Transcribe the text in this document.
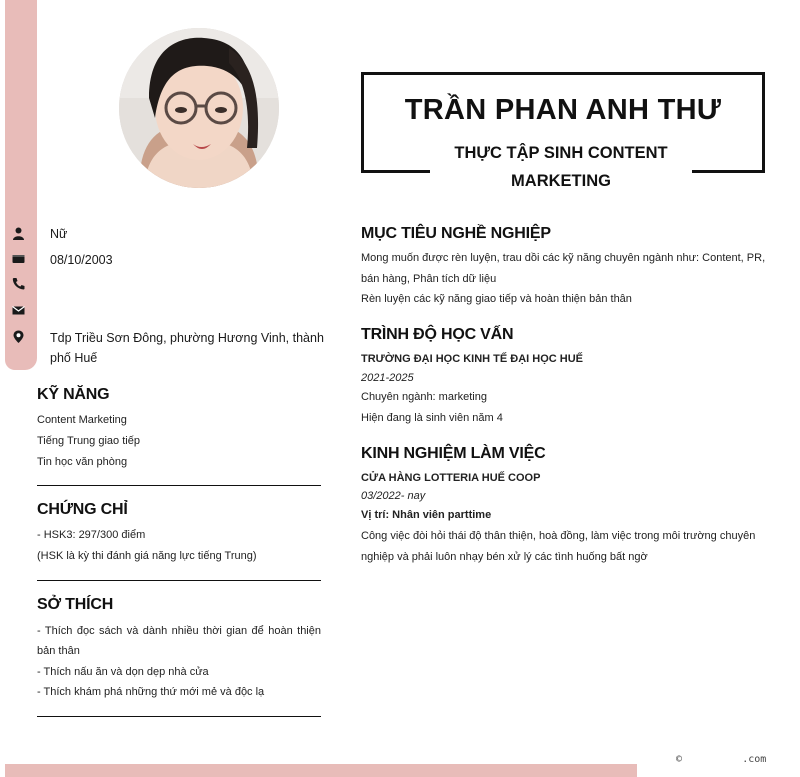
©          .com
Nữ
08/10/2003
Tdp Triều Sơn Đông, phường Hương Vinh, thành phố Huế
KỸ NĂNG
Content Marketing
Tiếng Trung giao tiếp
Tin học văn phòng
CHỨNG CHỈ
- HSK3: 297/300 điểm
(HSK là kỳ thi đánh giá năng lực tiếng Trung)
SỞ THÍCH
- Thích đọc sách và dành nhiều thời gian để hoàn thiện
bản thân
- Thích nấu ăn và dọn dẹp nhà cửa
- Thích khám phá những thứ mới mẻ và độc lạ
TRẦN PHAN ANH THƯ
THỰC TẬP SINH CONTENT MARKETING
MỤC TIÊU NGHỀ NGHIỆP
Mong muốn được rèn luyện, trau dồi các kỹ năng chuyên ngành như: Content, PR,
bán hàng, Phân tích dữ liệu
Rèn luyện các kỹ năng giao tiếp và hoàn thiện bản thân
TRÌNH ĐỘ HỌC VẤN
TRƯỜNG ĐẠI HỌC KINH TẾ ĐẠI HỌC HUẾ
2021-2025
Chuyên ngành: marketing
Hiện đang là sinh viên năm 4
KINH NGHIỆM LÀM VIỆC
CỬA HÀNG LOTTERIA HUẾ COOP
03/2022- nay
Vị trí: Nhân viên parttime
Công việc đòi hỏi thái độ thân thiện, hoà đồng, làm việc trong môi trường chuyên
nghiệp và phải luôn nhạy bén xử lý các tình huống bất ngờ
